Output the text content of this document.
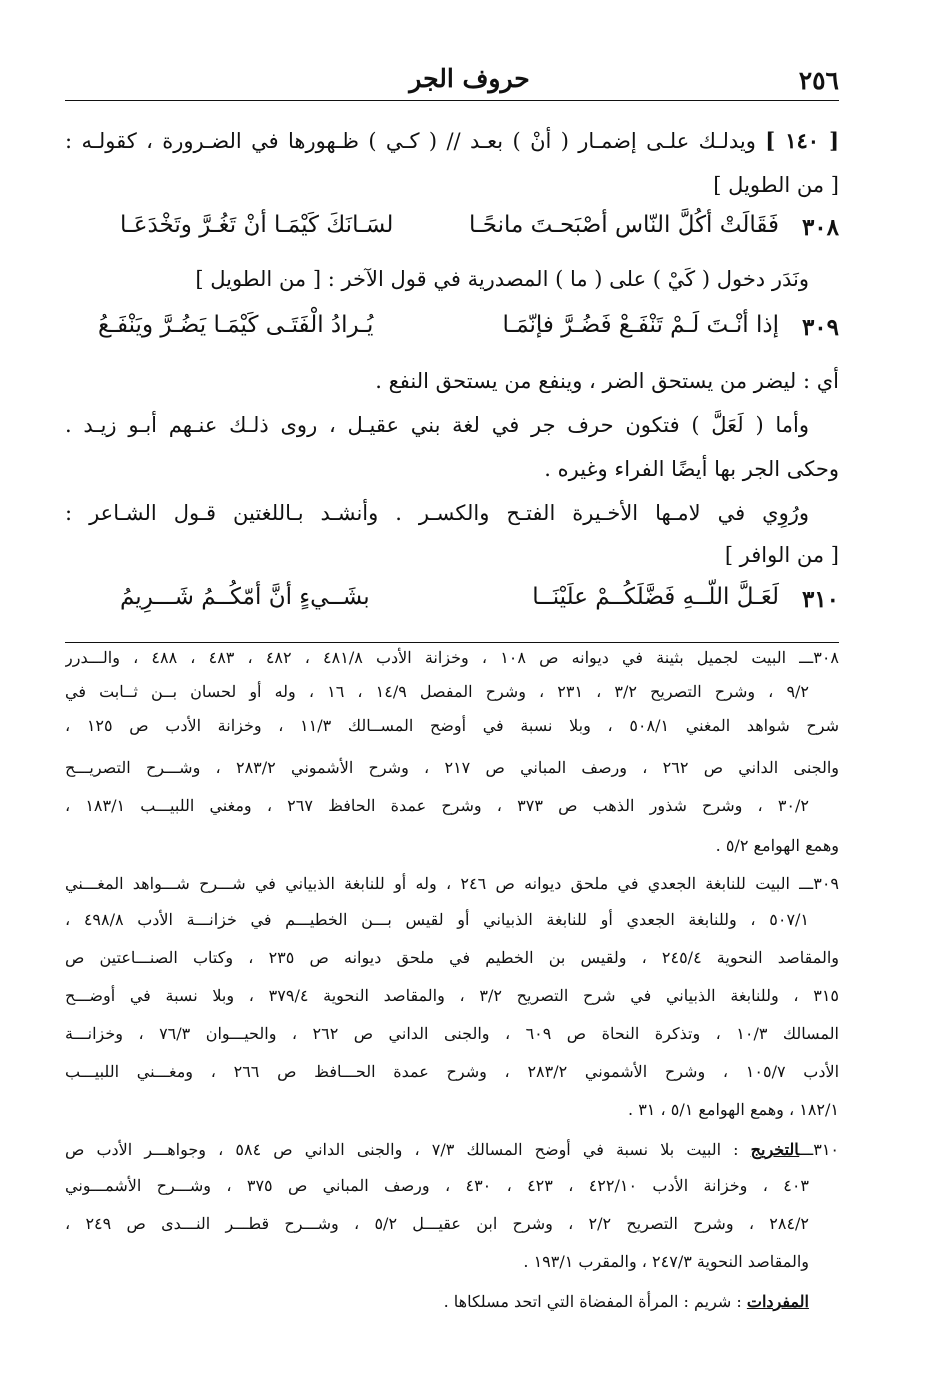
٢٥٦
حروف الجر
[ ١٤٠ ] ويدلـك علـى إضمـار ( أنْ ) بعـد // ( كـي ) ظـهورها في الضـرورة ، كقولـه :
[ من الطويل ]
٣٠٨
فَقَالَتْ أكُلَّ النّاس أصْبَحـتَ مانحًـا
لسَـانَكَ كَيْمَـا أنْ تَغُـرَّ وتَخْدَعَـا
ونَدَر دخول ( كَيْ ) على ( ما ) المصدرية في قول الآخر : [ من الطويل ]
٣٠٩
إذا أنْـتَ لَـمْ تَنْفَـعْ فَضُـرَّ فإنّمَـا
يُـرادُ الْفَتَـى كَيْمَـا يَضُـرَّ ويَنْفَـعُ
أي : ليضر من يستحق الضر ، وينفع من يستحق النفع .
وأما ( لَعَلَّ ) فتكون حرف جر في لغة بني عقيـل ، روى ذلـك عنـهم أبـو زيـد .
وحكى الجر بها أيضًا الفراء وغيره .
ورُوِي في لامـها الأخـيرة الفتـح والكسـر . وأنشـد بـاللغتين قـول الشـاعر :
[ من الوافر ]
٣١٠
لَعَـلَّ اللّــهِ فَضَّلَكُــمْ علَيْنَــا
بشَــيءٍ أنَّ أمّكُــمُ شَـــرِيمُ
٣٠٨ـــ البيت لجميل بثينة في ديوانه ص ١٠٨ ، وخزانة الأدب ٤٨١/٨ ، ٤٨٢ ، ٤٨٣ ، ٤٨٨ ، والـــدرر
٩/٢ ، وشرح التصريح ٣/٢ ، ٢٣١ ، وشرح المفصل ١٤/٩ ، ١٦ ، وله أو لحسان بــن ثــابت في
شرح شواهد المغني ٥٠٨/١ ، وبلا نسبة في أوضح المســالك ١١/٣ ، وخزانة الأدب ص ١٢٥ ،
والجنى الداني ص ٢٦٢ ، ورصف المباني ص ٢١٧ ، وشرح الأشموني ٢٨٣/٢ ، وشـــرح التصريـــح
٣٠/٢ ، وشرح شذور الذهب ص ٣٧٣ ، وشرح عمدة الحافظ ٢٦٧ ، ومغني اللبيـــب ١٨٣/١ ،
وهمع الهوامع ٥/٢ .
٣٠٩ـــ البيت للنابغة الجعدي في ملحق ديوانه ص ٢٤٦ ، وله أو للنابغة الذبياني في شـــرح شـــواهد المغـــني
٥٠٧/١ ، وللنابغة الجعدي أو للنابغة الذبياني أو لقيس بـــن الخطيـــم في خزانـــة الأدب ٤٩٨/٨ ،
والمقاصد النحوية ٢٤٥/٤ ، ولقيس بن الخطيم في ملحق ديوانه ص ٢٣٥ ، وكتاب الصنـــاعتين ص
٣١٥ ، وللنابغة الذبياني في شرح التصريح ٣/٢ ، والمقاصد النحوية ٣٧٩/٤ ، وبلا نسبة في أوضـــح
المسالك ١٠/٣ ، وتذكرة النحاة ص ٦٠٩ ، والجنى الداني ص ٢٦٢ ، والحيـــوان ٧٦/٣ ، وخزانـــة
الأدب ١٠٥/٧ ، وشرح الأشموني ٢٨٣/٢ ، وشرح عمدة الحـــافظ ص ٢٦٦ ، ومغـــني اللبيـــب
١٨٢/١ ، وهمع الهوامع ٥/١ ، ٣١ .
٣١٠ـــالتخريج : البيت بلا نسبة في أوضح المسالك ٧/٣ ، والجنى الداني ص ٥٨٤ ، وجواهـــر الأدب ص
٤٠٣ ، وخزانة الأدب ٤٢٢/١٠ ، ٤٢٣ ، ٤٣٠ ، ورصف المباني ص ٣٧٥ ، وشـــرح الأشمـــوني
٢٨٤/٢ ، وشرح التصريح ٢/٢ ، وشرح ابن عقيـــل ٥/٢ ، وشـــرح قطـــر النـــدى ص ٢٤٩ ،
والمقاصد النحوية ٢٤٧/٣ ، والمقرب ١٩٣/١ .
المفردات : شريم : المرأة المفضاة التي اتحد مسلكاها .
